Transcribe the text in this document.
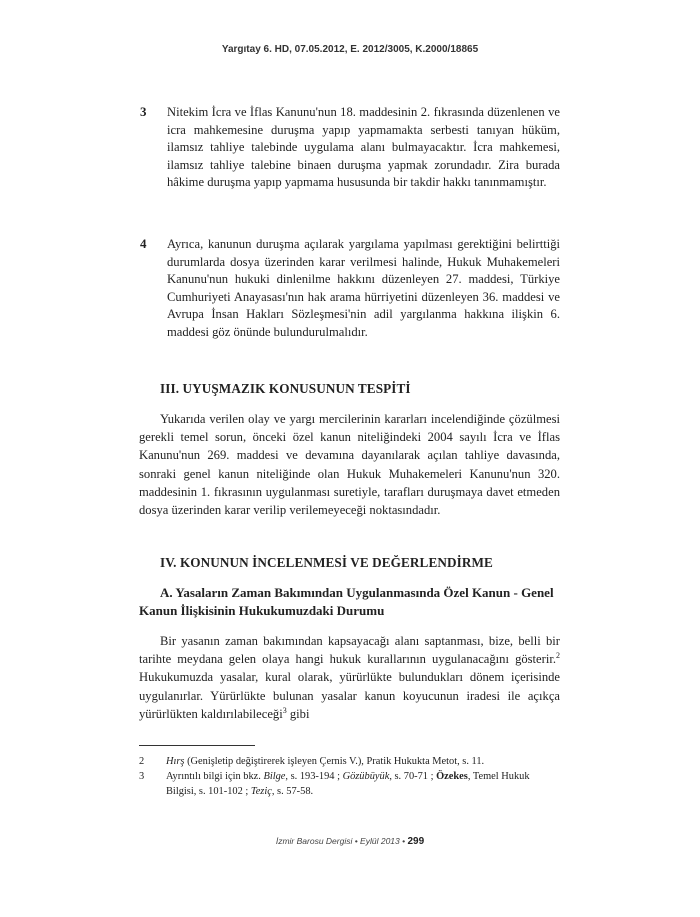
Yargıtay 6. HD, 07.05.2012, E. 2012/3005, K.2000/18865
3 Nitekim İcra ve İflas Kanunu'nun 18. maddesinin 2. fıkrasında düzenlenen ve icra mahkemesine duruşma yapıp yapmamakta serbesti tanıyan hüküm, ilamsız tahliye talebinde uygulama alanı bulmayacaktır. İcra mahkemesi, ilamsız tahliye talebine binaen duruşma yapmak zorundadır. Zira burada hâkime duruşma yapıp yapmama hususunda bir takdir hakkı tanınmamıştır.
4 Ayrıca, kanunun duruşma açılarak yargılama yapılması gerektiğini belirttiği durumlarda dosya üzerinden karar verilmesi halinde, Hukuk Muhakemeleri Kanunu'nun hukuki dinlenilme hakkını düzenleyen 27. maddesi, Türkiye Cumhuriyeti Anayasası'nın hak arama hürriyetini düzenleyen 36. maddesi ve Avrupa İnsan Hakları Sözleşmesi'nin adil yargılanma hakkına ilişkin 6. maddesi göz önünde bulundurulmalıdır.
III. UYUŞMAZIK KONUSUNUN TESPİTİ
Yukarıda verilen olay ve yargı mercilerinin kararları incelendiğinde çözülmesi gerekli temel sorun, önceki özel kanun niteliğindeki 2004 sayılı İcra ve İflas Kanunu'nun 269. maddesi ve devamına dayanılarak açılan tahliye davasında, sonraki genel kanun niteliğinde olan Hukuk Muhakemeleri Kanunu'nun 320. maddesinin 1. fıkrasının uygulanması suretiyle, tarafları duruşmaya davet etmeden dosya üzerinden karar verilip verilemeyeceği noktasındadır.
IV. KONUNUN İNCELENMESİ VE DEĞERLENDİRME
A. Yasaların Zaman Bakımından Uygulanmasında Özel Kanun - Genel Kanun İlişkisinin Hukukumuzdaki Durumu
Bir yasanın zaman bakımından kapsayacağı alanı saptanması, bize, belli bir tarihte meydana gelen olaya hangi hukuk kurallarının uygulanacağını gösterir.$^2$ Hukukumuzda yasalar, kural olarak, yürürlükte bulundukları dönem içerisinde uygulanırlar. Yürürlükte bulunan yasalar kanun koyucunun iradesi ile açıkça yürürlükten kaldırılabileceği$^3$ gibi
2 Hırş (Genişletip değiştirerek işleyen Çernis V.), Pratik Hukukta Metot, s. 11.
3 Ayrıntılı bilgi için bkz. Bilge, s. 193-194 ; Gözübüyük, s. 70-71 ; Özekes, Temel Hukuk Bilgisi, s. 101-102 ; Teziç, s. 57-58.
İzmir Barosu Dergisi • Eylül 2013 • 299
